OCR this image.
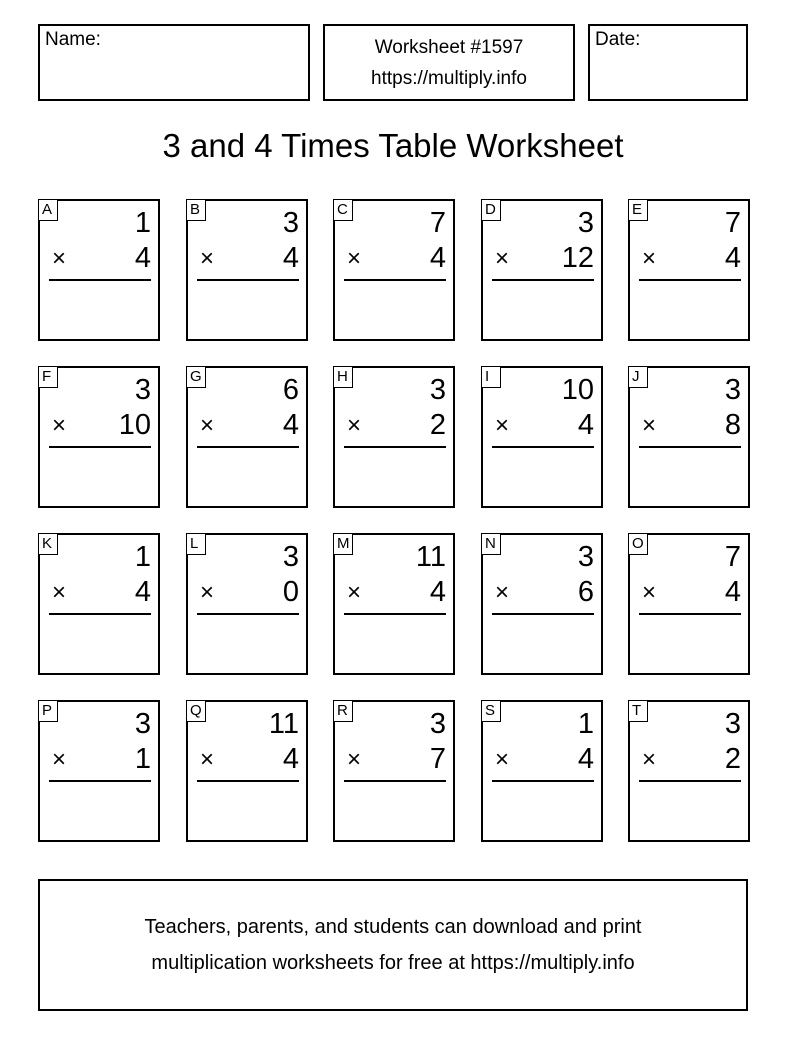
Name:	Worksheet #1597
https://multiply.info
Date:
3 and 4 Times Table Worksheet
A	1
× 4
B	3
× 4
C	7
× 4
D	3
× 12
E	7
× 4
F	3
× 10
G	6
× 4
H	3
× 2
I	10
× 4
J	3
× 8
K	1
× 4
L	3
× 0
M 11
× 4
N	3
× 6
O	7
× 4
P	3
× 1
Q 11
× 4
R	3
× 7
S	1
× 4
T	3
× 2
Teachers, parents, and students can download and print
multiplication worksheets for free at https://multiply.info
